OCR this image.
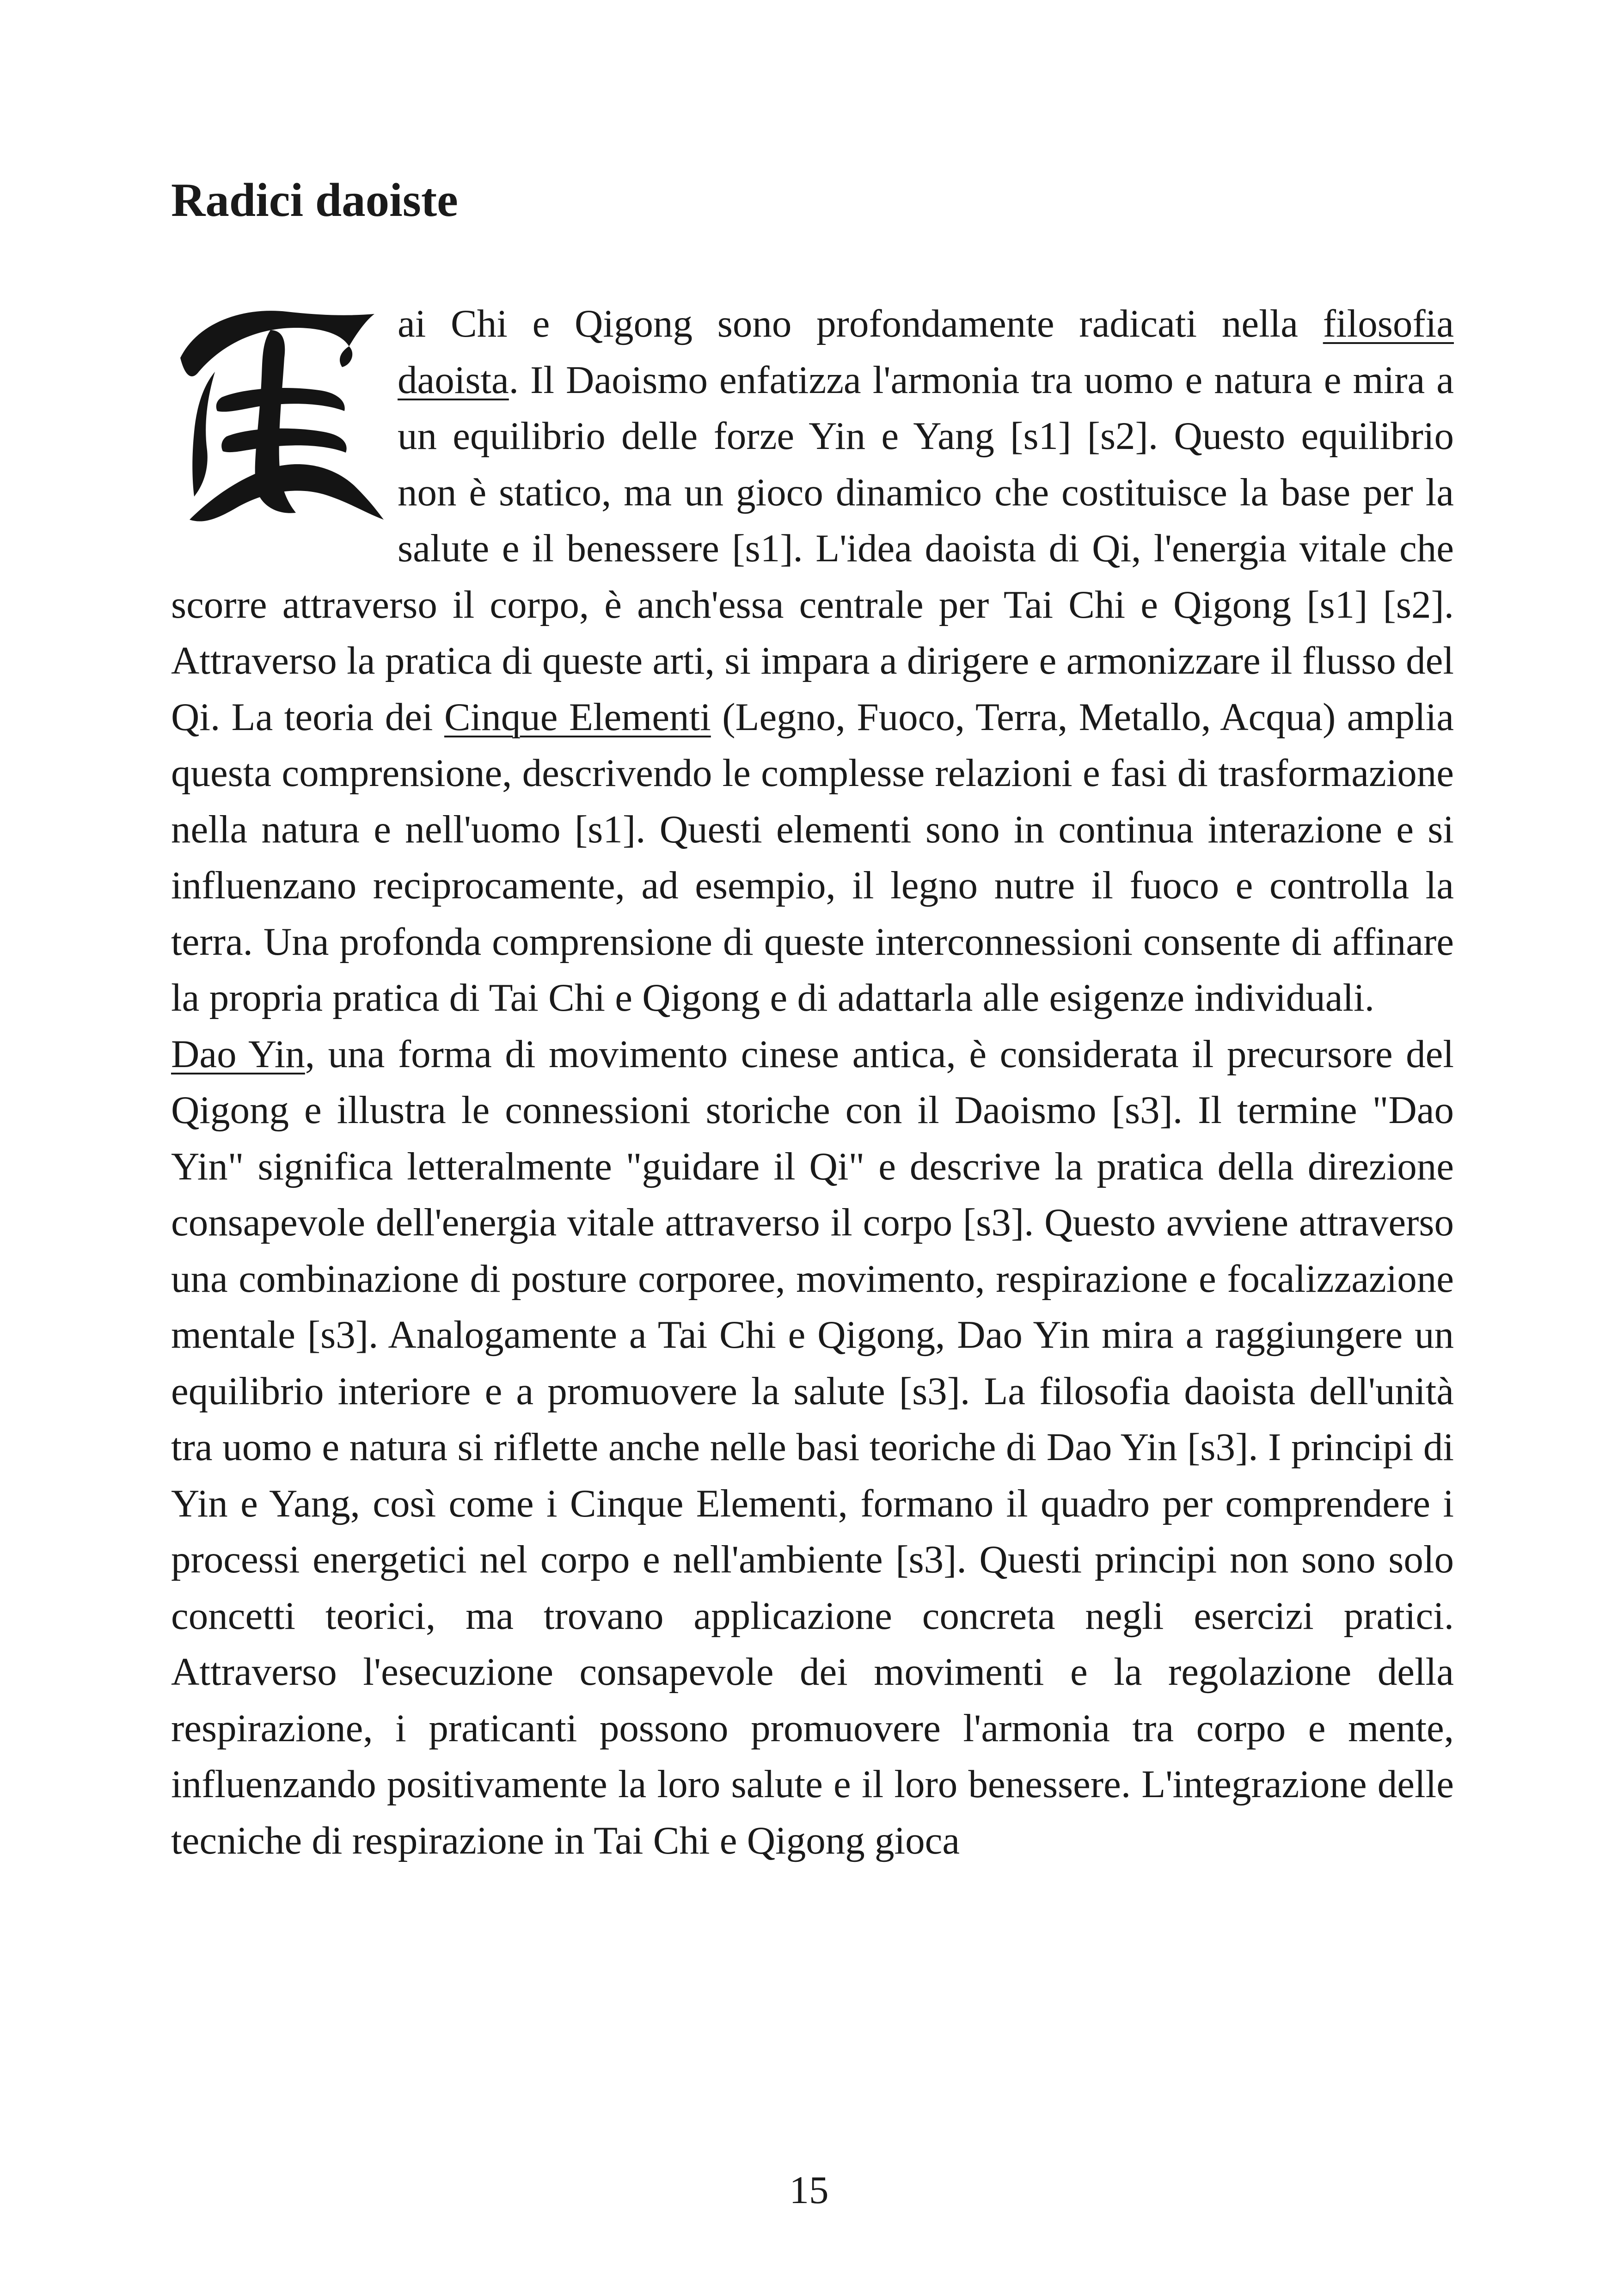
Radici daoiste

ai Chi e Qigong sono profondamente radicati nella filosofia daoista. Il Daoismo enfatizza l'armonia tra uomo e natura e mira a un equilibrio delle forze Yin e Yang [s1] [s2]. Questo equilibrio non è statico, ma un gioco dinamico che costituisce la base per la salute e il benessere [s1]. L'idea daoista di Qi, l'energia vitale che scorre attraverso il corpo, è anch'essa centrale per Tai Chi e Qigong [s1] [s2]. Attraverso la pratica di queste arti, si impara a dirigere e armonizzare il flusso del Qi. La teoria dei Cinque Elementi (Legno, Fuoco, Terra, Metallo, Acqua) amplia questa comprensione, descrivendo le complesse relazioni e fasi di trasformazione nella natura e nell'uomo [s1]. Questi elementi sono in continua interazione e si influenzano reciprocamente, ad esempio, il legno nutre il fuoco e controlla la terra. Una profonda comprensione di queste interconnessioni consente di affinare la propria pratica di Tai Chi e Qigong e di adattarla alle esigenze individuali.

Dao Yin, una forma di movimento cinese antica, è considerata il precursore del Qigong e illustra le connessioni storiche con il Daoismo [s3]. Il termine "Dao Yin" significa letteralmente "guidare il Qi" e descrive la pratica della direzione consapevole dell'energia vitale attraverso il corpo [s3]. Questo avviene attraverso una combinazione di posture corporee, movimento, respirazione e focalizzazione mentale [s3]. Analogamente a Tai Chi e Qigong, Dao Yin mira a raggiungere un equilibrio interiore e a promuovere la salute [s3]. La filosofia daoista dell'unità tra uomo e natura si riflette anche nelle basi teoriche di Dao Yin [s3]. I principi di Yin e Yang, così come i Cinque Elementi, formano il quadro per comprendere i processi energetici nel corpo e nell'ambiente [s3]. Questi principi non sono solo concetti teorici, ma trovano applicazione concreta negli esercizi pratici. Attraverso l'esecuzione consapevole dei movimenti e la regolazione della respirazione, i praticanti possono promuovere l'armonia tra corpo e mente, influenzando positivamente la loro salute e il loro benessere. L'integrazione delle tecniche di respirazione in Tai Chi e Qigong gioca

15
